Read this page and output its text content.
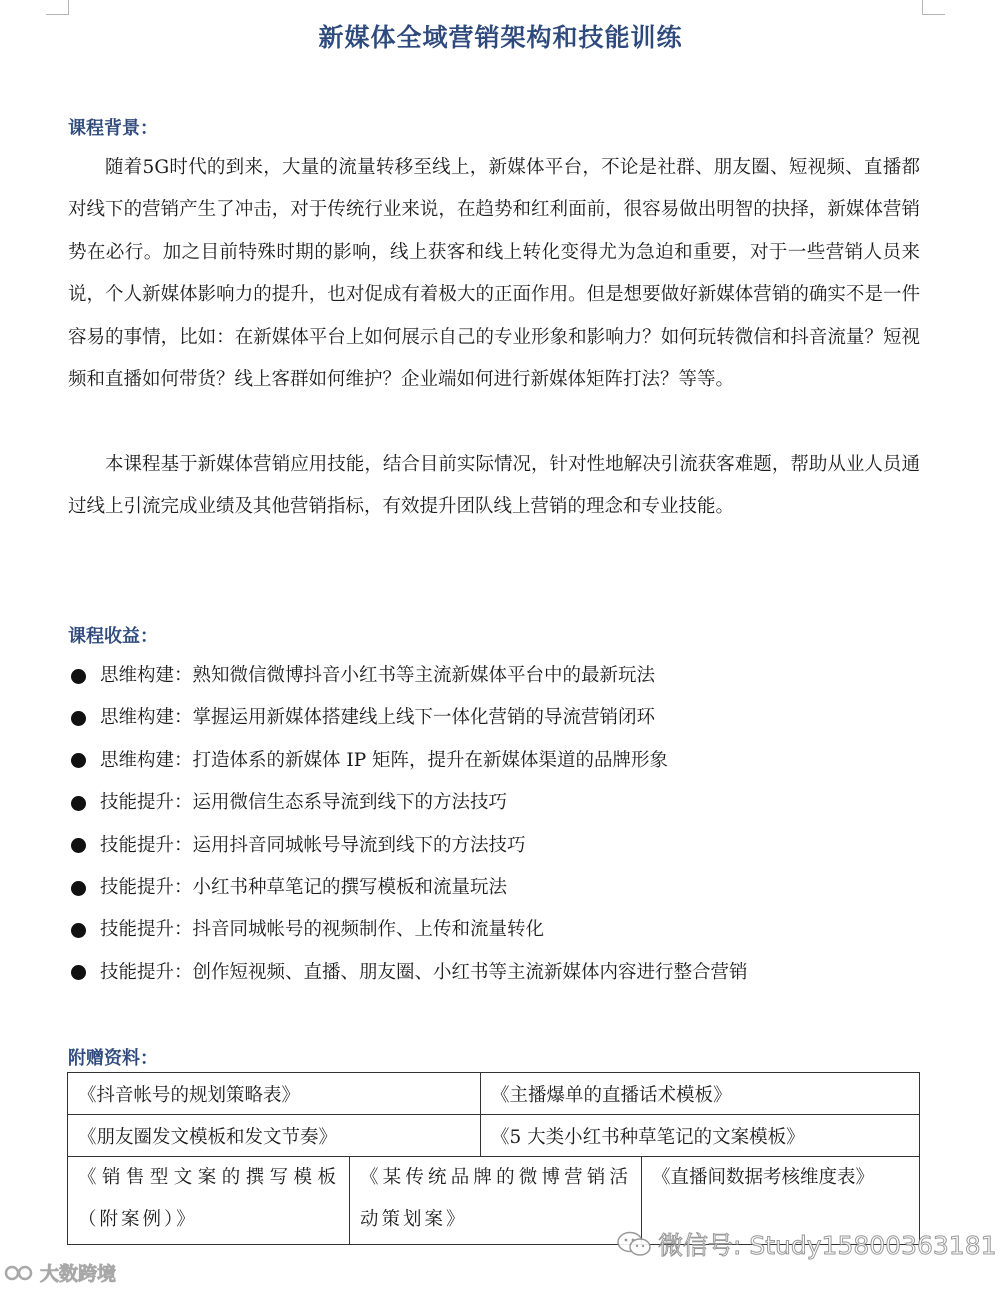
新媒体全域营销架构和技能训练
课程背景：

随着5G时代的到来，大量的流量转移至线上，新媒体平台，不论是社群、朋友圈、短视频、直播都对线下的营销产生了冲击，对于传统行业来说，在趋势和红利面前，很容易做出明智的抉择，新媒体营销势在必行。加之目前特殊时期的影响，线上获客和线上转化变得尤为急迫和重要，对于一些营销人员来说，个人新媒体影响力的提升，也对促成有着极大的正面作用。但是想要做好新媒体营销的确实不是一件容易的事情，比如：在新媒体平台上如何展示自己的专业形象和影响力？如何玩转微信和抖音流量？短视频和直播如何带货？线上客群如何维护？企业端如何进行新媒体矩阵打法？等等。

本课程基于新媒体营销应用技能，结合目前实际情况，针对性地解决引流获客难题，帮助从业人员通过线上引流完成业绩及其他营销指标，有效提升团队线上营销的理念和专业技能。

课程收益：
思维构建：熟知微信微博抖音小红书等主流新媒体平台中的最新玩法
思维构建：掌握运用新媒体搭建线上线下一体化营销的导流营销闭环
思维构建：打造体系的新媒体 IP 矩阵，提升在新媒体渠道的品牌形象
技能提升：运用微信生态系导流到线下的方法技巧
技能提升：运用抖音同城帐号导流到线下的方法技巧
技能提升：小红书种草笔记的撰写模板和流量玩法
技能提升：抖音同城帐号的视频制作、上传和流量转化
技能提升：创作短视频、直播、朋友圈、小红书等主流新媒体内容进行整合营销
附赠资料：
《抖音帐号的规划策略表》		《主播爆单的直播话术模板》	
《朋友圈发文模板和发文节奏》		《5 大类小红书种草笔记的文案模板》	
《销售型文案的撰写模板（附案例）》	《某传统品牌的微博营销活动策划案》		《直播间数据考核维度表》
大数跨境
微信号: Study15800363181
